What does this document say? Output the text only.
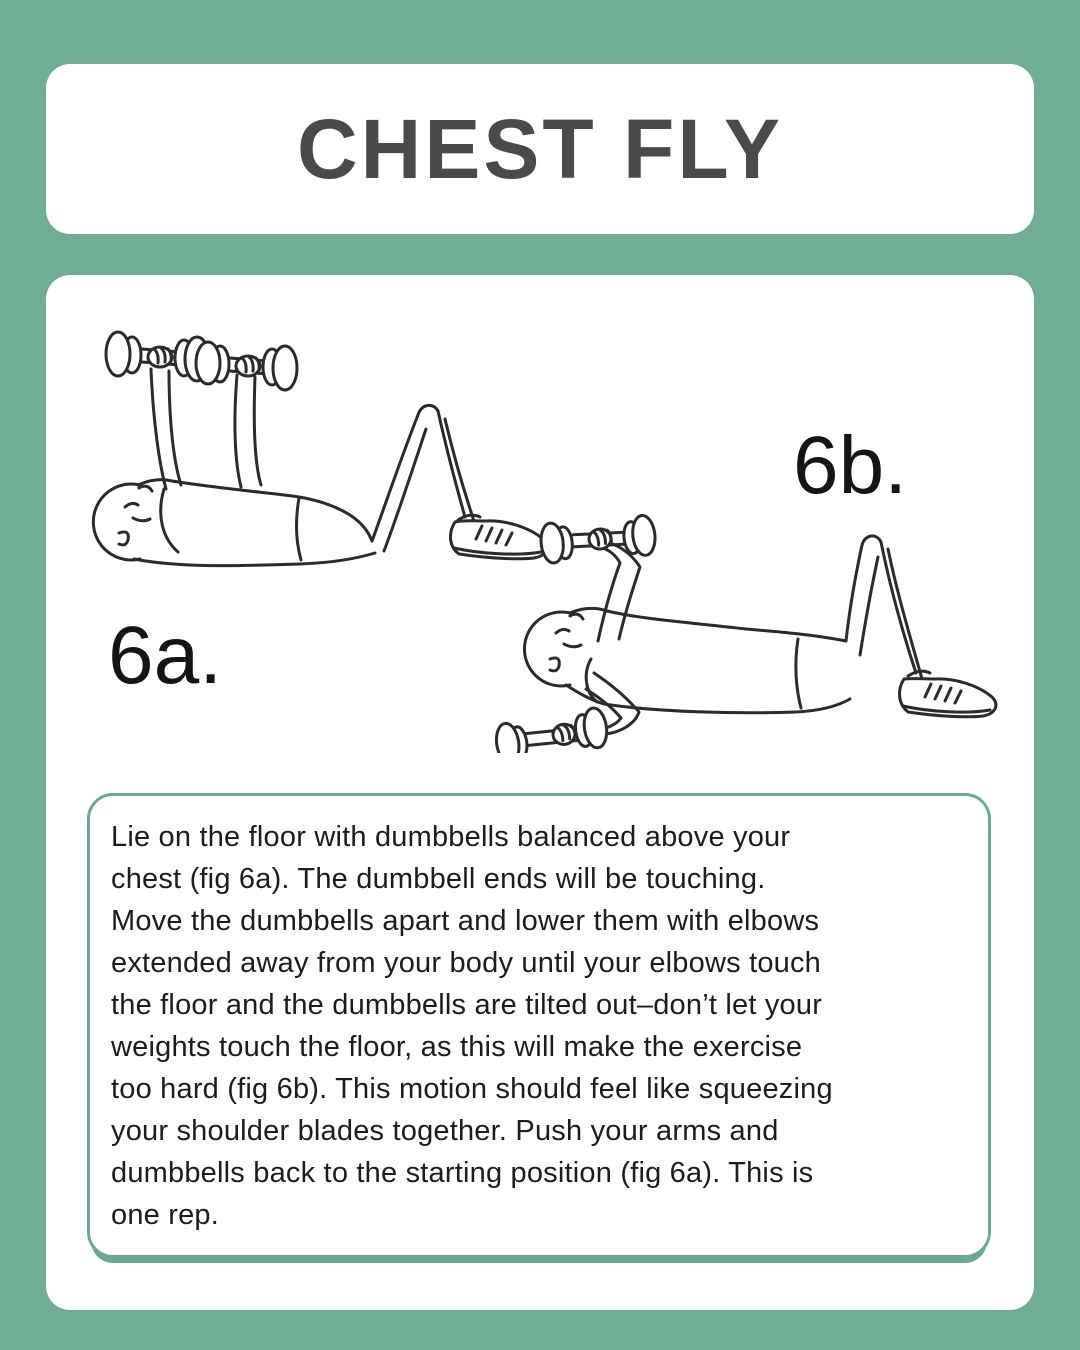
CHEST FLY
6a.
6b.
Lie on the floor with dumbbells balanced above your
chest (fig 6a). The dumbbell ends will be touching.
Move the dumbbells apart and lower them with elbows
extended away from your body until your elbows touch
the floor and the dumbbells are tilted out–don’t let your
weights touch the floor, as this will make the exercise
too hard (fig 6b). This motion should feel like squeezing
your shoulder blades together. Push your arms and
dumbbells back to the starting position (fig 6a). This is
one rep.
